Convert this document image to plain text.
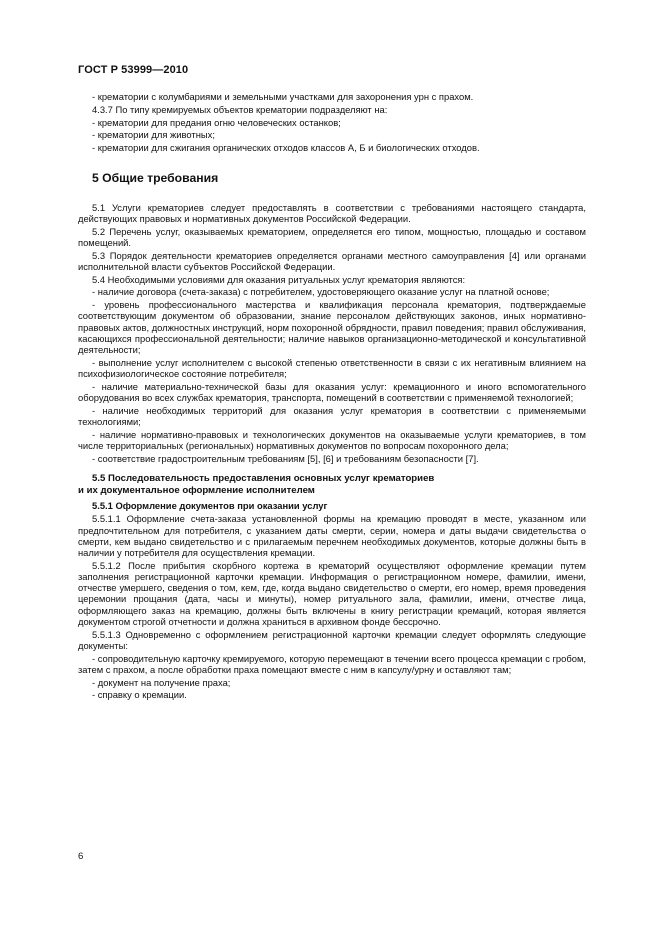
ГОСТ Р 53999—2010

- крематории с колумбариями и земельными участками для захоронения урн с прахом.

4.3.7 По типу кремируемых объектов крематории подразделяют на:

- крематории для предания огню человеческих останков;

- крематории для животных;

- крематории для сжигания органических отходов классов А, Б и биологических отходов.

5 Общие требования

5.1 Услуги крематориев следует предоставлять в соответствии с требованиями настоящего стандарта, действующих правовых и нормативных документов Российской Федерации.

5.2 Перечень услуг, оказываемых крематорием, определяется его типом, мощностью, площадью и составом помещений.

5.3 Порядок деятельности крематориев определяется органами местного самоуправления [4] или органами исполнительной власти субъектов Российской Федерации.

5.4 Необходимыми условиями для оказания ритуальных услуг крематория являются:

- наличие договора (счета-заказа) с потребителем, удостоверяющего оказание услуг на платной основе;

- уровень профессионального мастерства и квалификация персонала крематория, подтверждаемые соответствующим документом об образовании, знание персоналом действующих законов, иных нормативно-правовых актов, должностных инструкций, норм похоронной обрядности, правил поведения; правил обслуживания, касающихся профессиональной деятельности; наличие навыков организационно-методической и консультативной деятельности;

- выполнение услуг исполнителем с высокой степенью ответственности в связи с их негативным влиянием на психофизиологическое состояние потребителя;

- наличие материально-технической базы для оказания услуг: кремационного и иного вспомогательного оборудования во всех службах крематория, транспорта, помещений в соответствии с применяемой технологией;

- наличие необходимых территорий для оказания услуг крематория в соответствии с применяемыми технологиями;

- наличие нормативно-правовых и технологических документов на оказываемые услуги крематориев, в том числе территориальных (региональных) нормативных документов по вопросам похоронного дела;

- соответствие градостроительным требованиям [5], [6] и требованиям безопасности [7].

5.5 Последовательность предоставления основных услуг крематориев
и их документальное оформление исполнителем
5.5.1 Оформление документов при оказании услуг

5.5.1.1 Оформление счета-заказа установленной формы на кремацию проводят в месте, указанном или предпочтительном для потребителя, с указанием даты смерти, серии, номера и даты выдачи свидетельства о смерти, кем выдано свидетельство и с прилагаемым перечнем необходимых документов, которые должны быть в наличии у потребителя для осуществления кремации.

5.5.1.2 После прибытия скорбного кортежа в крематорий осуществляют оформление кремации путем заполнения регистрационной карточки кремации. Информация о регистрационном номере, фамилии, имени, отчестве умершего, сведения о том, кем, где, когда выдано свидетельство о смерти, его номер, время проведения церемонии прощания (дата, часы и минуты), номер ритуального зала, фамилии, имени, отчестве лица, оформляющего заказ на кремацию, должны быть включены в книгу регистрации кремаций, которая является документом строгой отчетности и должна храниться в архивном фонде бессрочно.

5.5.1.3 Одновременно с оформлением регистрационной карточки кремации следует оформлять следующие документы:

- сопроводительную карточку кремируемого, которую перемещают в течении всего процесса кремации с гробом, затем с прахом, а после обработки праха помещают вместе с ним в капсулу/урну и оставляют там;

- документ на получение праха;

- справку о кремации.

6
